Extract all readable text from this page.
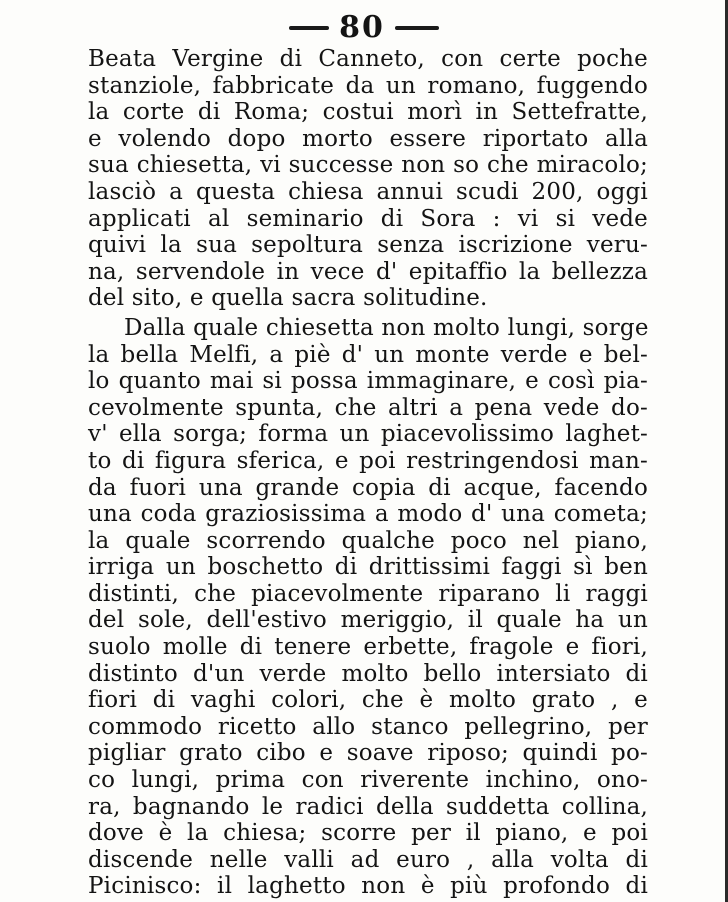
80
Beata Vergine di Canneto, con certe poche
stanziole, fabbricate da un romano, fuggendo
la corte di Roma; costui morì in Settefratte,
e volendo dopo morto essere riportato alla
sua chiesetta, vi successe non so che miracolo;
lasciò a questa chiesa annui scudi 200, oggi
applicati al seminario di Sora : vi si vede
quivi la sua sepoltura senza iscrizione veru-
na, servendole in vece d' epitaffio la bellezza
del sito, e quella sacra solitudine.
Dalla quale chiesetta non molto lungi, sorge
la bella Melfi, a piè d' un monte verde e bel-
lo quanto mai si possa immaginare, e così pia-
cevolmente spunta, che altri a pena vede do-
v' ella sorga; forma un piacevolissimo laghet-
to di figura sferica, e poi restringendosi man-
da fuori una grande copia di acque, facendo
una coda graziosissima a modo d' una cometa;
la quale scorrendo qualche poco nel piano,
irriga un boschetto di drittissimi faggi sì ben
distinti, che piacevolmente riparano li raggi
del sole, dell'estivo meriggio, il quale ha un
suolo molle di tenere erbette, fragole e fiori,
distinto d'un verde molto bello intersiato di
fiori di vaghi colori, che è molto grato , e
commodo ricetto allo stanco pellegrino, per
pigliar grato cibo e soave riposo; quindi po-
co lungi, prima con riverente inchino, ono-
ra, bagnando le radici della suddetta collina,
dove è la chiesa; scorre per il piano, e poi
discende nelle valli ad euro , alla volta di
Picinisco: il laghetto non è più profondo di
